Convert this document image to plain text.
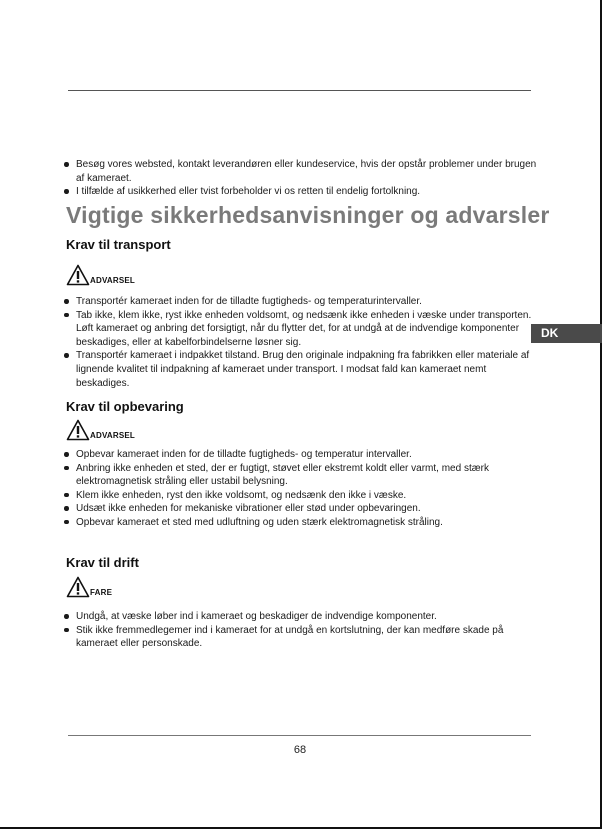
Besøg vores websted, kontakt leverandøren eller kundeservice, hvis der opstår problemer under brugen af kameraet.
I tilfælde af usikkerhed eller tvist forbeholder vi os retten til endelig fortolkning.
Vigtige sikkerhedsanvisninger og advarsler
Krav til transport
ADVARSEL
Transportér kameraet inden for de tilladte fugtigheds- og temperaturintervaller.
Tab ikke, klem ikke, ryst ikke enheden voldsomt, og nedsænk ikke enheden i væske under transporten. Løft kameraet og anbring det forsigtigt, når du flytter det, for at undgå at de indvendige komponenter beskadiges, eller at kabelforbindelserne løsner sig.
Transportér kameraet i indpakket tilstand. Brug den originale indpakning fra fabrikken eller materiale af lignende kvalitet til indpakning af kameraet under transport. I modsat fald kan kameraet nemt beskadiges.
DK
Krav til opbevaring
ADVARSEL
Opbevar kameraet inden for de tilladte fugtigheds- og temperatur intervaller.
Anbring ikke enheden et sted, der er fugtigt, støvet eller ekstremt koldt eller varmt, med stærk elektromagnetisk stråling eller ustabil belysning.
Klem ikke enheden, ryst den ikke voldsomt, og nedsænk den ikke i væske.
Udsæt ikke enheden for mekaniske vibrationer eller stød under opbevaringen.
Opbevar kameraet et sted med udluftning og uden stærk elektromagnetisk stråling.
Krav til drift
FARE
Undgå, at væske løber ind i kameraet og beskadiger de indvendige komponenter.
Stik ikke fremmedlegemer ind i kameraet for at undgå en kortslutning, der kan medføre skade på kameraet eller personskade.
68
